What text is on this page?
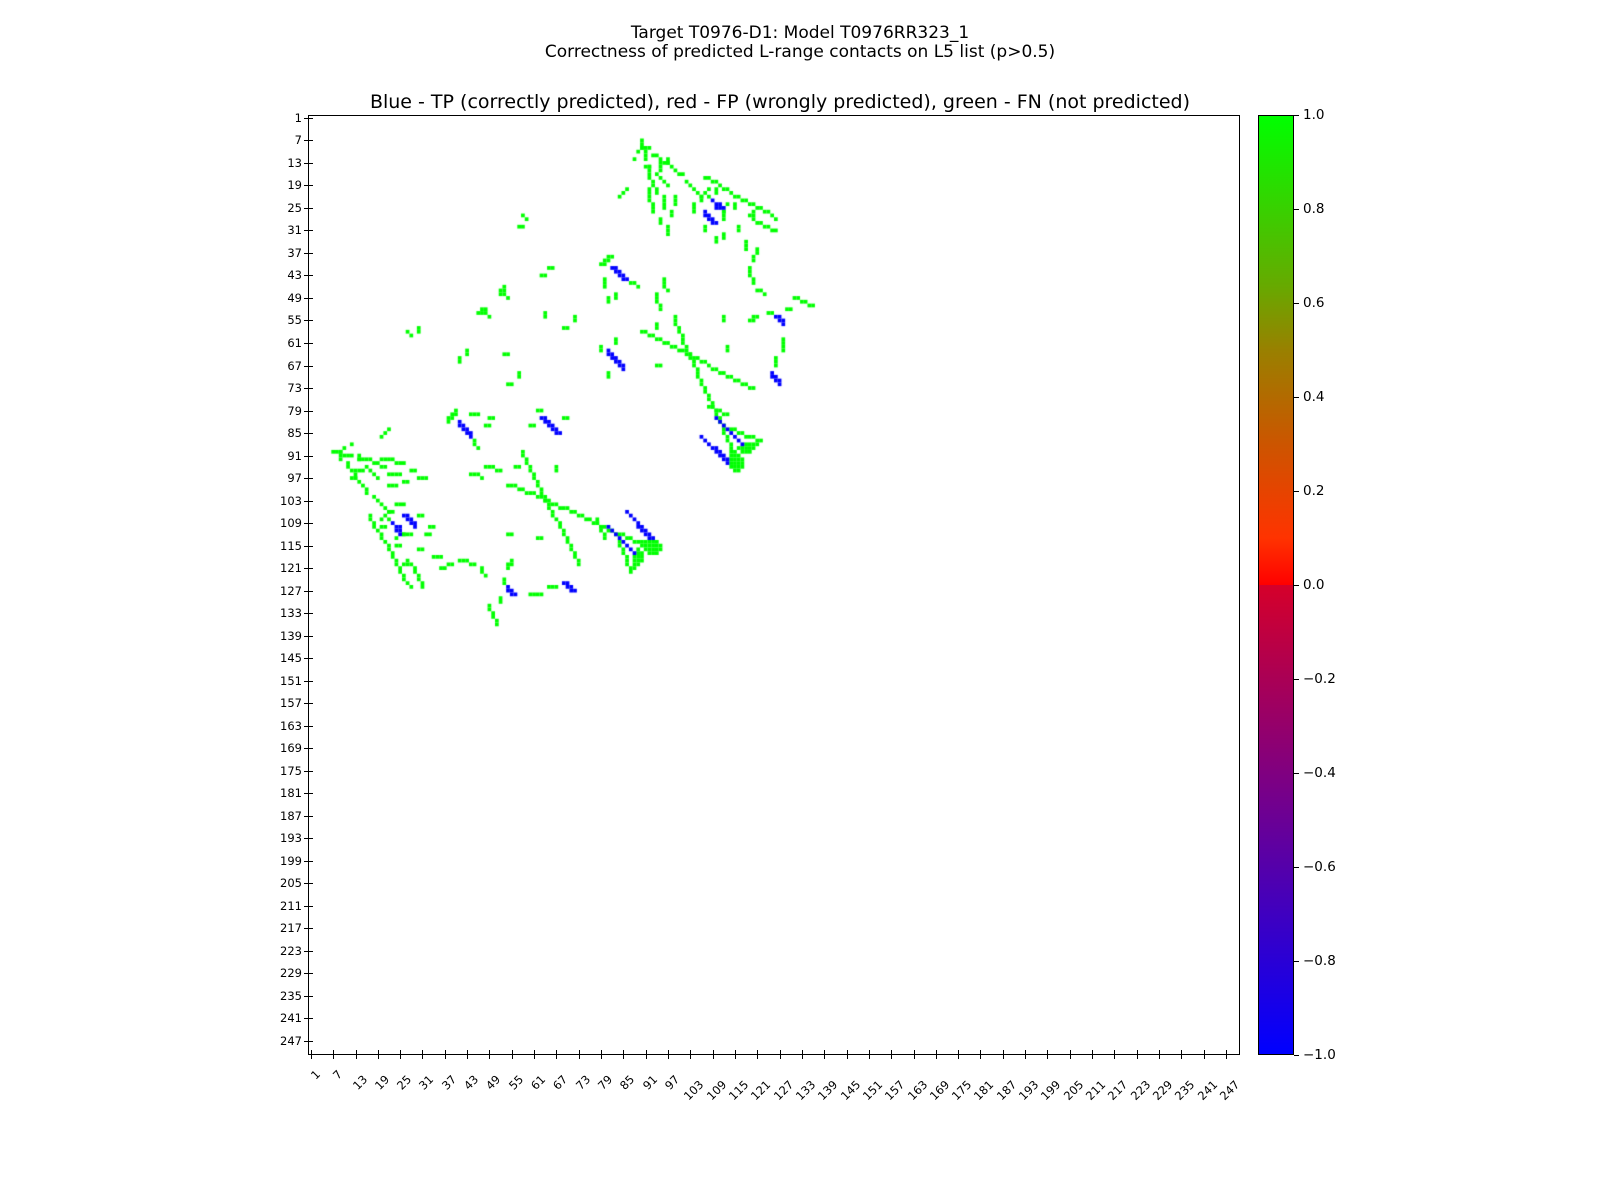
Target T0976-D1: Model T0976RR323_1
Correctness of predicted L-range contacts on L5 list (p>0.5)
Blue - TP (correctly predicted), red - FP (wrongly predicted), green - FN (not predicted)
1
7
13
19
25
31
37
43
49
55
61
67
73
79
85
91
97
103
109
115
121
127
133
139
145
151
157
163
169
175
181
187
193
199
205
211
217
223
229
235
241
247
1 7 13 19 25 31 37 43 49 55 61 67 73 79 85 91 97 103
109
115
121
127
133
139
145
151
157
163
169
175
181
187
193
199
205
211
217
223
229
235
241
247
1.0
0.8
0.6
0.4
0.2
0.0
−0.2
−0.4
−0.6
−0.8
−1.0
